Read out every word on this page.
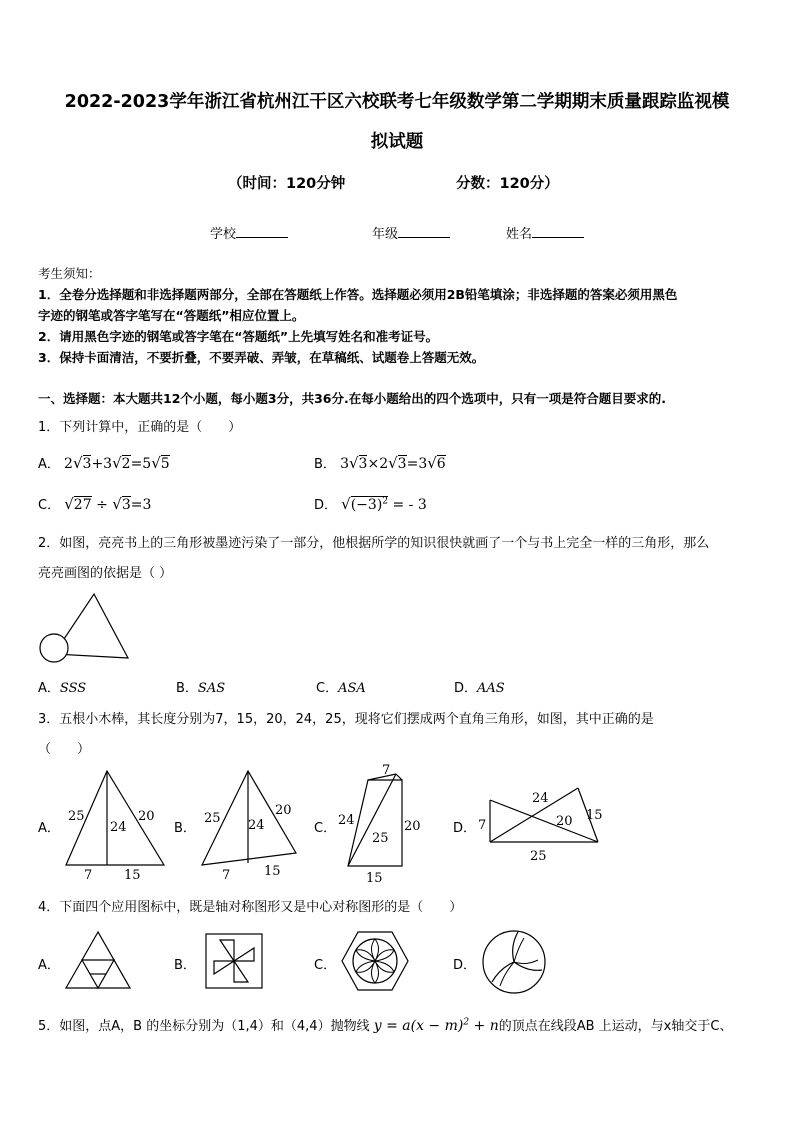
2022-2023学年浙江省杭州江干区六校联考七年级数学第二学期期末质量跟踪监视模
拟试题
（时间：120分钟	分数：120分）
学校	年级	姓名
考生须知：
1．全卷分选择题和非选择题两部分，全部在答题纸上作答。选择题必须用2B铅笔填涂；非选择题的答案必须用黑色
字迹的钢笔或答字笔写在“答题纸”相应位置上。
2．请用黑色字迹的钢笔或答字笔在“答题纸”上先填写姓名和准考证号。
3．保持卡面清洁，不要折叠，不要弄破、弄皱，在草稿纸、试题卷上答题无效。
一、选择题：本大题共12个小题，每小题3分，共36分.在每小题给出的四个选项中，只有一项是符合题目要求的.
1．下列计算中，正确的是（　　）
A． 2√3+3√2=5√5	B． 3√3×2√3=3√6
C． √27 ÷ √3=3	D． $√(-3)^2$ = - 3
2．如图，亮亮书上的三角形被墨迹污染了一部分，他根据所学的知识很快就画了一个与书上完全一样的三角形，那么
亮亮画图的依据是（ ）
A．SSS	B．SAS	C．ASA	D．AAS
3．五根小木棒，其长度分别为7，15，20，24，25，现将它们摆成两个直角三角形，如图，其中正确的是
（　　）
A．
25
24
20
7 15
B．
25 24
20
7	15
C．
7
24
25
20
15
D．
24
7	20 15
25
4．下面四个应用图标中，既是轴对称图形又是中心对称图形的是（　　）
A．	B．	C．	D．
5．如图，点A，B 的坐标分别为（1,4）和（4,4）抛物线 $y = a(x - m)^2 + n$的顶点在线段AB 上运动，与x轴交于C、
